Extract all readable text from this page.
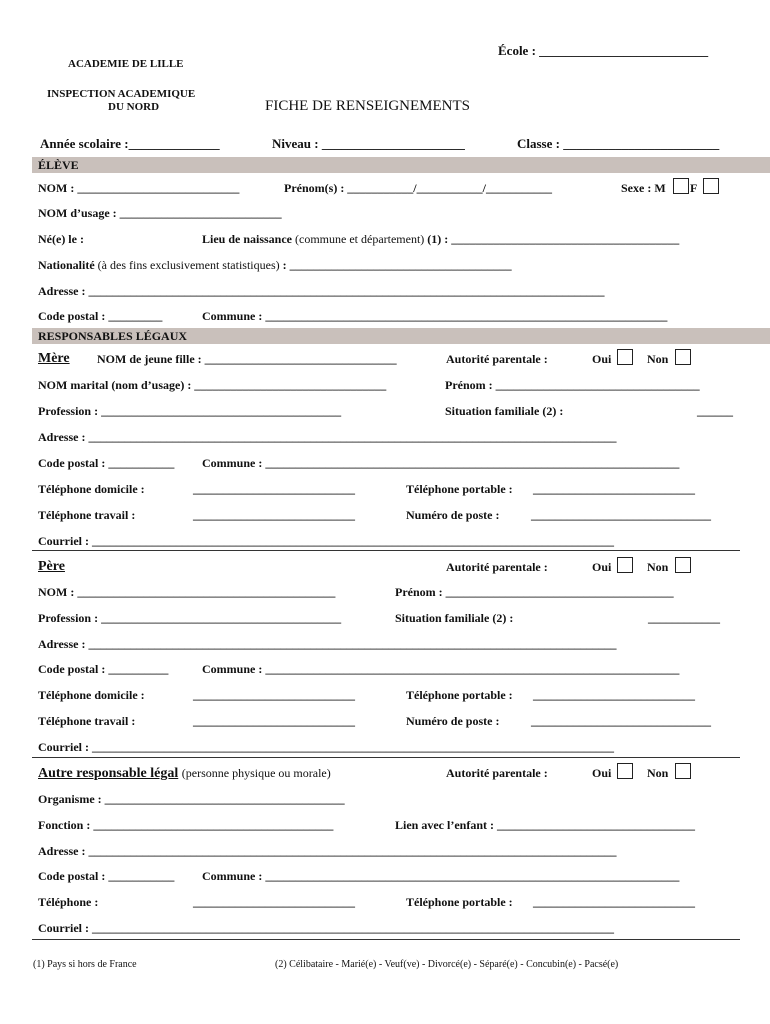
École : __________________________
ACADEMIE DE LILLE
INSPECTION ACADEMIQUE
DU NORD	FICHE DE RENSEIGNEMENTS
Année scolaire :______________	Niveau : ______________________	Classe : ________________________
ÉLÈVE
NOM : ___________________________	Prénom(s) : ___________/___________/___________	Sexe : M F
NOM d’usage : ___________________________
Né(e) le :	Lieu de naissance (commune et département) (1) : ______________________________________
Nationalité (à des fins exclusivement statistiques) : _____________________________________
Adresse : ______________________________________________________________________________________
Code postal : _________	Commune : ___________________________________________________________________
RESPONSABLES LÉGAUX
Mère NOM de jeune fille : ________________________________	Autorité parentale :	Oui	Non
NOM marital (nom d’usage) : ________________________________	Prénom : __________________________________
Profession : ________________________________________	Situation familiale (2) :	______
Adresse : ________________________________________________________________________________________
Code postal : ___________ Commune : _____________________________________________________________________
Téléphone domicile :	___________________________	Téléphone portable : ___________________________
Téléphone travail :	___________________________	Numéro de poste :	______________________________
Courriel : _______________________________________________________________________________________
Père	Autorité parentale :	Oui	Non
NOM : ___________________________________________	Prénom : ______________________________________
Profession : ________________________________________	Situation familiale (2) :	____________
Adresse : ________________________________________________________________________________________
Code postal : __________	Commune : _____________________________________________________________________
Téléphone domicile :	___________________________	Téléphone portable : ___________________________
Téléphone travail :	___________________________	Numéro de poste :	______________________________
Courriel : _______________________________________________________________________________________
Autre responsable légal (personne physique ou morale)	Autorité parentale :	Oui	Non
Organisme : ________________________________________
Fonction : ________________________________________	Lien avec l’enfant : _________________________________
Adresse : ________________________________________________________________________________________
Code postal : ___________ Commune : _____________________________________________________________________
Téléphone :	___________________________	Téléphone portable : ___________________________
Courriel : _______________________________________________________________________________________
(1) Pays si hors de France	(2) Célibataire - Marié(e) - Veuf(ve) - Divorcé(e) - Séparé(e) - Concubin(e) - Pacsé(e)
